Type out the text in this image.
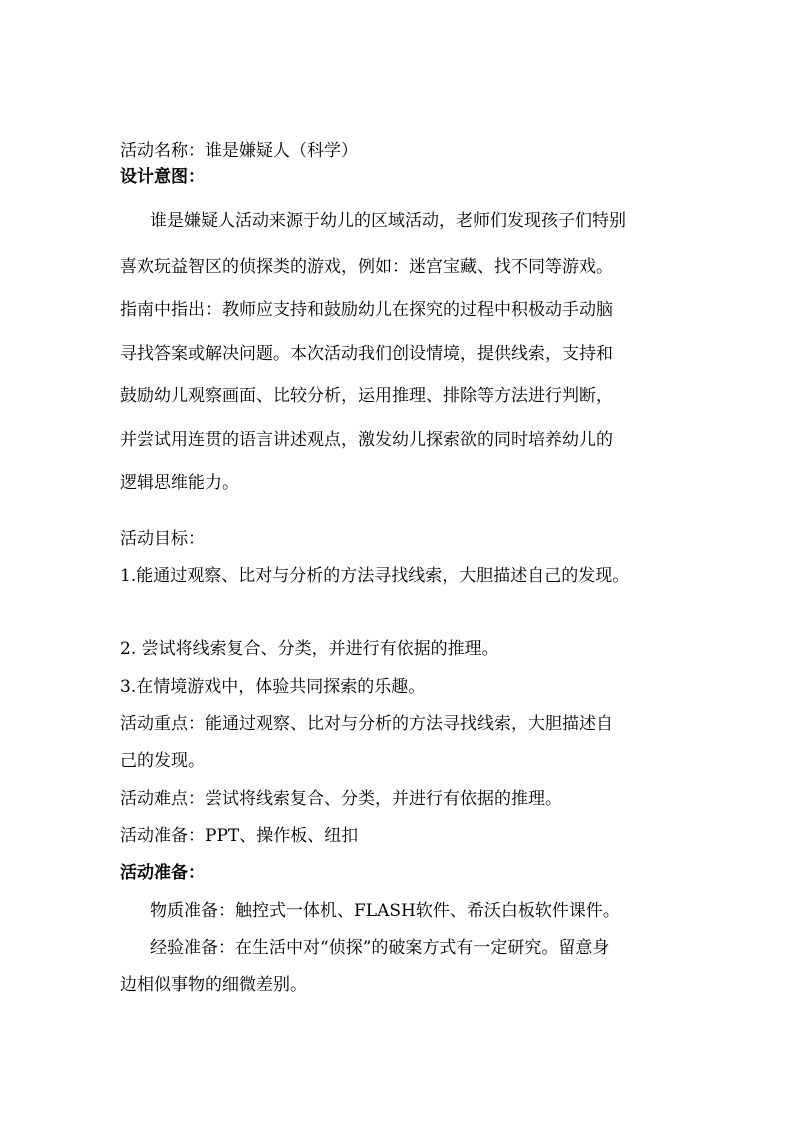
活动名称：谁是嫌疑人（科学）
设计意图：
谁是嫌疑人活动来源于幼儿的区域活动，老师们发现孩子们特别
喜欢玩益智区的侦探类的游戏，例如：迷宫宝藏、找不同等游戏。
指南中指出：教师应支持和鼓励幼儿在探究的过程中积极动手动脑
寻找答案或解决问题。本次活动我们创设情境，提供线索，支持和
鼓励幼儿观察画面、比较分析，运用推理、排除等方法进行判断，
并尝试用连贯的语言讲述观点，激发幼儿探索欲的同时培养幼儿的
逻辑思维能力。
活动目标：
1.能通过观察、比对与分析的方法寻找线索，大胆描述自己的发现。
2. 尝试将线索复合、分类，并进行有依据的推理。
3.在情境游戏中，体验共同探索的乐趣。
活动重点：能通过观察、比对与分析的方法寻找线索，大胆描述自
己的发现。
活动难点：尝试将线索复合、分类，并进行有依据的推理。
活动准备：PPT、操作板、纽扣
活动准备：
物质准备：触控式一体机、FLASH软件、希沃白板软件课件。
经验准备：在生活中对“侦探”的破案方式有一定研究。留意身
边相似事物的细微差别。
